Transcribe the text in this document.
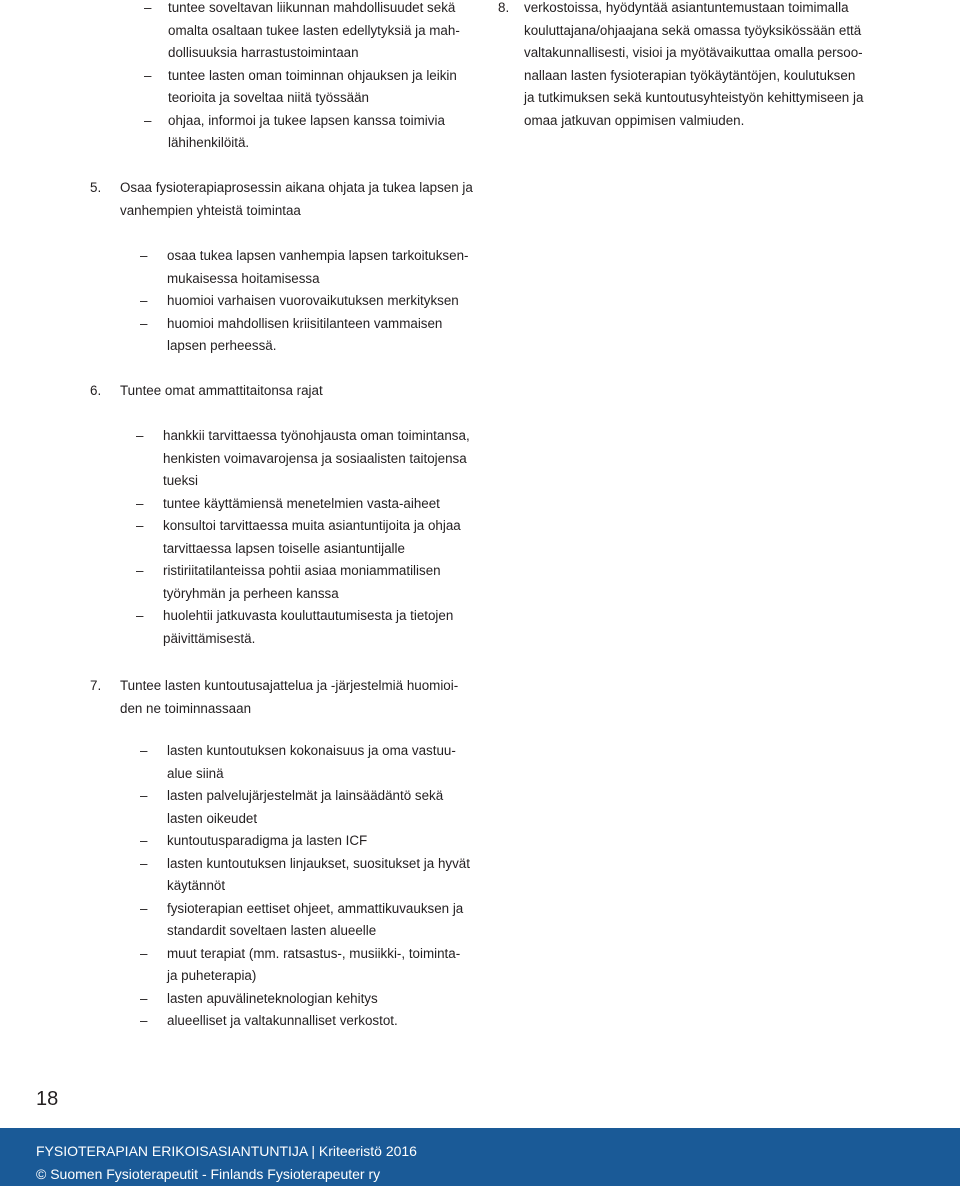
– tuntee soveltavan liikunnan mahdollisuudet sekä
omalta osaltaan tukee lasten edellytyksiä ja mah-
dollisuuksia harrastustoimintaan
– tuntee lasten oman toiminnan ohjauksen ja leikin
teorioita ja soveltaa niitä työssään
– ohjaa, informoi ja tukee lapsen kanssa toimivia
lähihenkilöitä.
8.	verkostoissa, hyödyntää asiantuntemustaan toimimalla
kouluttajana/ohjaajana sekä omassa työyksikössään että
valtakunnallisesti, visioi ja myötävaikuttaa omalla persoo-
nallaan lasten fysioterapian työkäytäntöjen, koulutuksen
ja tutkimuksen sekä kuntoutusyhteistyön kehittymiseen ja
omaa jatkuvan oppimisen valmiuden.
5. Osaa fysioterapiaprosessin aikana ohjata ja tukea lapsen ja
vanhempien yhteistä toimintaa
– osaa tukea lapsen vanhempia lapsen tarkoituksen-
mukaisessa hoitamisessa
– huomioi varhaisen vuorovaikutuksen merkityksen
– huomioi mahdollisen kriisitilanteen vammaisen
lapsen perheessä.
6. Tuntee omat ammattitaitonsa rajat
– hankkii tarvittaessa työnohjausta oman toimintansa,
henkisten voimavarojensa ja sosiaalisten taitojensa
tueksi
– tuntee käyttämiensä menetelmien vasta-aiheet
– konsultoi tarvittaessa muita asiantuntijoita ja ohjaa
tarvittaessa lapsen toiselle asiantuntijalle
– ristiriitatilanteissa pohtii asiaa moniammatilisen
työryhmän ja perheen kanssa
– huolehtii jatkuvasta kouluttautumisesta ja tietojen
päivittämisestä.
7. Tuntee lasten kuntoutusajattelua ja -järjestelmiä huomioi-
den ne toiminnassaan
– lasten kuntoutuksen kokonaisuus ja oma vastuu-
alue siinä
– lasten palvelujärjestelmät ja lainsäädäntö sekä
lasten oikeudet
– kuntoutusparadigma ja lasten ICF
– lasten kuntoutuksen linjaukset, suositukset ja hyvät
käytännöt
– fysioterapian eettiset ohjeet, ammattikuvauksen ja
standardit soveltaen lasten alueelle
– muut terapiat (mm. ratsastus-, musiikki-, toiminta-
ja puheterapia)
– lasten apuvälineteknologian kehitys
– alueelliset ja valtakunnalliset verkostot.
18
FYSIOTERAPIAN ERIKOISASIANTUNTIJA | Kriteeristö 2016
© Suomen Fysioterapeutit - Finlands Fysioterapeuter ry
